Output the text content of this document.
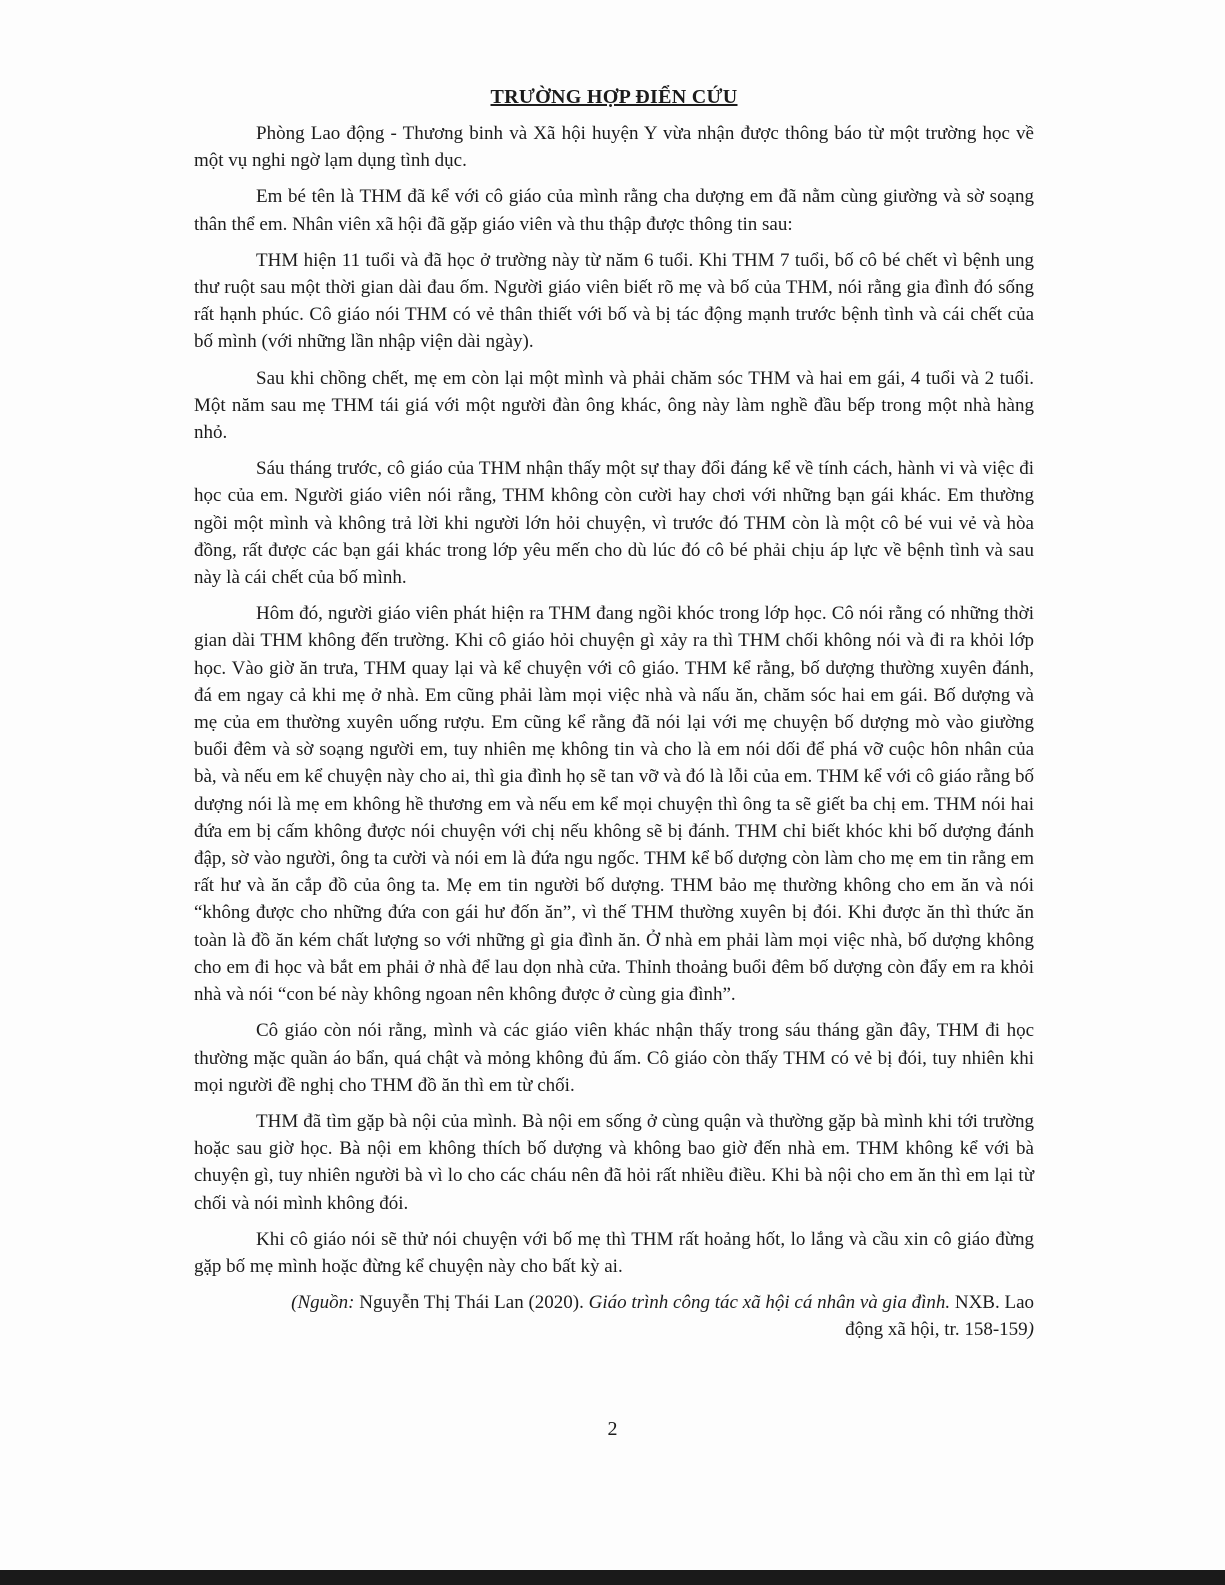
TRƯỜNG HỢP ĐIỂN CỨU

Phòng Lao động - Thương binh và Xã hội huyện Y vừa nhận được thông báo từ một trường học về một vụ nghi ngờ lạm dụng tình dục.

Em bé tên là THM đã kể với cô giáo của mình rằng cha dượng em đã nằm cùng giường và sờ soạng thân thể em. Nhân viên xã hội đã gặp giáo viên và thu thập được thông tin sau:

THM hiện 11 tuổi và đã học ở trường này từ năm 6 tuổi. Khi THM 7 tuổi, bố cô bé chết vì bệnh ung thư ruột sau một thời gian dài đau ốm. Người giáo viên biết rõ mẹ và bố của THM, nói rằng gia đình đó sống rất hạnh phúc. Cô giáo nói THM có vẻ thân thiết với bố và bị tác động mạnh trước bệnh tình và cái chết của bố mình (với những lần nhập viện dài ngày).

Sau khi chồng chết, mẹ em còn lại một mình và phải chăm sóc THM và hai em gái, 4 tuổi và 2 tuổi. Một năm sau mẹ THM tái giá với một người đàn ông khác, ông này làm nghề đầu bếp trong một nhà hàng nhỏ.

Sáu tháng trước, cô giáo của THM nhận thấy một sự thay đổi đáng kể về tính cách, hành vi và việc đi học của em. Người giáo viên nói rằng, THM không còn cười hay chơi với những bạn gái khác. Em thường ngồi một mình và không trả lời khi người lớn hỏi chuyện, vì trước đó THM còn là một cô bé vui vẻ và hòa đồng, rất được các bạn gái khác trong lớp yêu mến cho dù lúc đó cô bé phải chịu áp lực về bệnh tình và sau này là cái chết của bố mình.

Hôm đó, người giáo viên phát hiện ra THM đang ngồi khóc trong lớp học. Cô nói rằng có những thời gian dài THM không đến trường. Khi cô giáo hỏi chuyện gì xảy ra thì THM chối không nói và đi ra khỏi lớp học. Vào giờ ăn trưa, THM quay lại và kể chuyện với cô giáo. THM kể rằng, bố dượng thường xuyên đánh, đá em ngay cả khi mẹ ở nhà. Em cũng phải làm mọi việc nhà và nấu ăn, chăm sóc hai em gái. Bố dượng và mẹ của em thường xuyên uống rượu. Em cũng kể rằng đã nói lại với mẹ chuyện bố dượng mò vào giường buổi đêm và sờ soạng người em, tuy nhiên mẹ không tin và cho là em nói dối để phá vỡ cuộc hôn nhân của bà, và nếu em kể chuyện này cho ai, thì gia đình họ sẽ tan vỡ và đó là lỗi của em. THM kể với cô giáo rằng bố dượng nói là mẹ em không hề thương em và nếu em kể mọi chuyện thì ông ta sẽ giết ba chị em. THM nói hai đứa em bị cấm không được nói chuyện với chị nếu không sẽ bị đánh. THM chỉ biết khóc khi bố dượng đánh đập, sờ vào người, ông ta cười và nói em là đứa ngu ngốc. THM kể bố dượng còn làm cho mẹ em tin rằng em rất hư và ăn cắp đồ của ông ta. Mẹ em tin người bố dượng. THM bảo mẹ thường không cho em ăn và nói “không được cho những đứa con gái hư đốn ăn”, vì thế THM thường xuyên bị đói. Khi được ăn thì thức ăn toàn là đồ ăn kém chất lượng so với những gì gia đình ăn. Ở nhà em phải làm mọi việc nhà, bố dượng không cho em đi học và bắt em phải ở nhà để lau dọn nhà cửa. Thỉnh thoảng buổi đêm bố dượng còn đẩy em ra khỏi nhà và nói “con bé này không ngoan nên không được ở cùng gia đình”.

Cô giáo còn nói rằng, mình và các giáo viên khác nhận thấy trong sáu tháng gần đây, THM đi học thường mặc quần áo bẩn, quá chật và mỏng không đủ ấm. Cô giáo còn thấy THM có vẻ bị đói, tuy nhiên khi mọi người đề nghị cho THM đồ ăn thì em từ chối.

THM đã tìm gặp bà nội của mình. Bà nội em sống ở cùng quận và thường gặp bà mình khi tới trường hoặc sau giờ học. Bà nội em không thích bố dượng và không bao giờ đến nhà em. THM không kể với bà chuyện gì, tuy nhiên người bà vì lo cho các cháu nên đã hỏi rất nhiều điều. Khi bà nội cho em ăn thì em lại từ chối và nói mình không đói.

Khi cô giáo nói sẽ thử nói chuyện với bố mẹ thì THM rất hoảng hốt, lo lắng và cầu xin cô giáo đừng gặp bố mẹ mình hoặc đừng kể chuyện này cho bất kỳ ai.

(Nguồn: Nguyễn Thị Thái Lan (2020). Giáo trình công tác xã hội cá nhân và gia đình. NXB. Lao
động xã hội, tr. 158-159)
2
